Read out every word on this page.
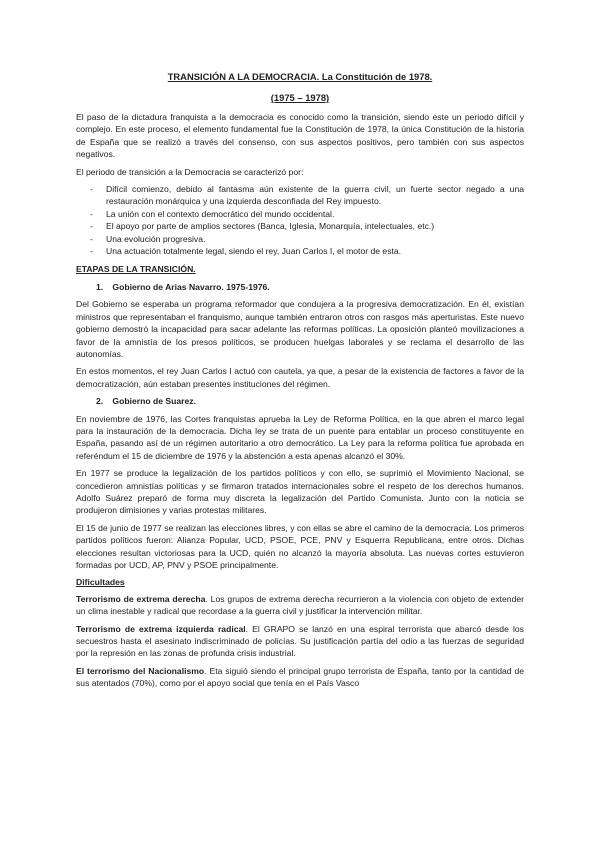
TRANSICIÓN A LA DEMOCRACIA. La Constitución de 1978.
(1975 – 1978)

El paso de la dictadura franquista a la democracia es conocido como la transición, siendo este un periodo difícil y complejo. En este proceso, el elemento fundamental fue la Constitución de 1978, la única Constitución de la historia de España que se realizó a través del consenso, con sus aspectos positivos, pero también con sus aspectos negativos.

El periodo de transición a la Democracia se caracterizó por:

- Difícil comienzo, debido al fantasma aún existente de la guerra civil, un fuerte sector negado a una restauración monárquica y una izquierda desconfiada del Rey impuesto.
- La unión con el contexto democrático del mundo occidental.
- El apoyo por parte de amplios sectores (Banca, Iglesia, Monarquía, intelectuales, etc.)
- Una evolución progresiva.
- Una actuación totalmente legal, siendo el rey, Juan Carlos I, el motor de esta.
ETAPAS DE LA TRANSICIÓN.
1. Gobierno de Arias Navarro. 1975-1976.

Del Gobierno se esperaba un programa reformador que condujera a la progresiva democratización. En él, existían ministros que representaban el franquismo, aunque también entraron otros con rasgos más aperturistas. Este nuevo gobierno demostró la incapacidad para sacar adelante las reformas políticas. La oposición planteó movilizaciones a favor de la amnistía de los presos políticos, se producen huelgas laborales y se reclama el desarrollo de las autonomías.

En estos momentos, el rey Juan Carlos I actuó con cautela, ya que, a pesar de la existencia de factores a favor de la democratización, aún estaban presentes instituciones del régimen.

2. Gobierno de Suarez.

En noviembre de 1976, las Cortes franquistas aprueba la Ley de Reforma Política, en la que abren el marco legal para la instauración de la democracia. Dicha ley se trata de un puente para entablar un proceso constituyente en España, pasando así de un régimen autoritario a otro democrático. La Ley para la reforma política fue aprobada en referéndum el 15 de diciembre de 1976 y la abstención a esta apenas alcanzó el 30%.

En 1977 se produce la legalización de los partidos políticos y con ello, se suprimió el Movimiento Nacional, se concedieron amnistías políticas y se firmaron tratados internacionales sobre el respeto de los derechos humanos. Adolfo Suárez preparó de forma muy discreta la legalización del Partido Comunista. Junto con la noticia se produjeron dimisiones y varias protestas militares.

El 15 de junio de 1977 se realizan las elecciones libres, y con ellas se abre el camino de la democracia. Los primeros partidos políticos fueron: Alianza Popular, UCD, PSOE, PCE, PNV y Esquerra Republicana, entre otros. Dichas elecciones resultan victoriosas para la UCD, quién no alcanzó la mayoría absoluta. Las nuevas cortes estuvieron formadas por UCD, AP, PNV y PSOE principalmente.

Dificultades

Terrorismo de extrema derecha. Los grupos de extrema derecha recurrieron a la violencia con objeto de extender un clima inestable y radical que recordase a la guerra civil y justificar la intervención militar.

Terrorismo de extrema izquierda radical. El GRAPO se lanzó en una espiral terrorista que abarcó desde los secuestros hasta el asesinato indiscriminado de policías. Su justificación partía del odio a las fuerzas de seguridad por la represión en las zonas de profunda crisis industrial.

El terrorismo del Nacionalismo. Eta siguió siendo el principal grupo terrorista de España, tanto por la cantidad de sus atentados (70%), como por el apoyo social que tenía en el País Vasco
